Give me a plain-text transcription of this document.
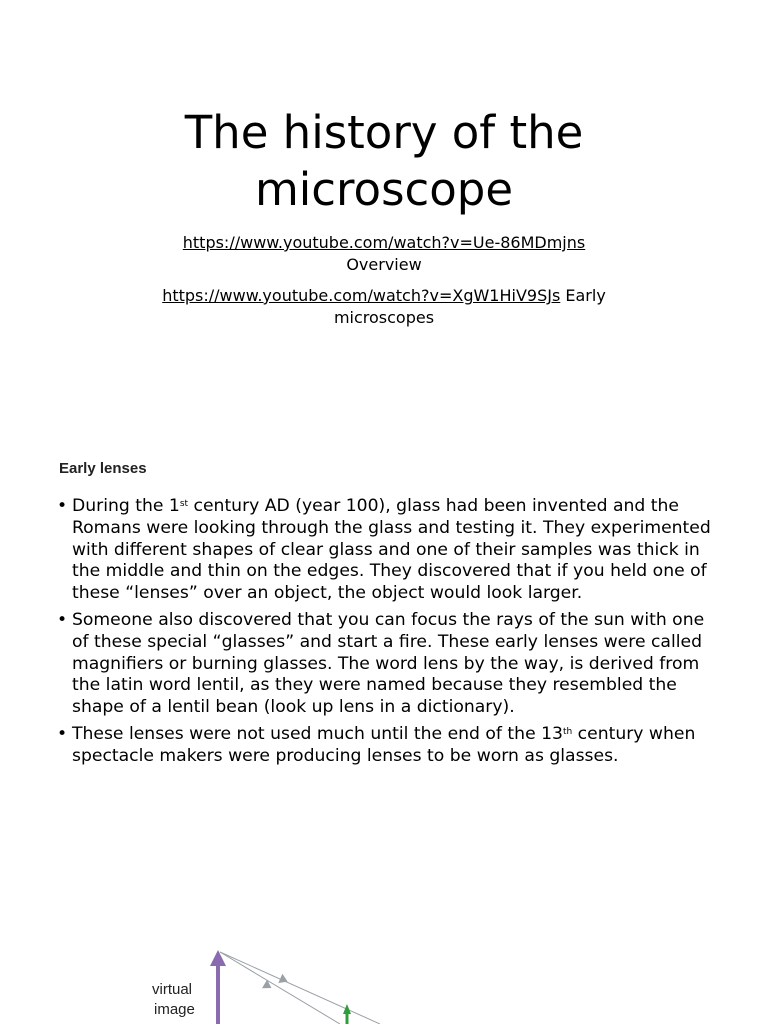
The history of the
microscope

https://www.youtube.com/watch?v=Ue-86MDmjns
Overview

https://www.youtube.com/watch?v=XgW1HiV9SJs Early
microscopes

Early lenses
• During the 1st century AD (year 100), glass had been invented and the Romans were looking through the glass and testing it. They experimented with different shapes of clear glass and one of their samples was thick in the middle and thin on the edges. They discovered that if you held one of these “lenses” over an object, the object would look larger.
• Someone also discovered that you can focus the rays of the sun with one of these special “glasses” and start a fire. These early lenses were called magnifiers or burning glasses. The word lens by the way, is derived from the latin word lentil, as they were named because they resembled the shape of a lentil bean (look up lens in a dictionary).
• These lenses were not used much until the end of the 13th century when spectacle makers were producing lenses to be worn as glasses.
virtual
image
